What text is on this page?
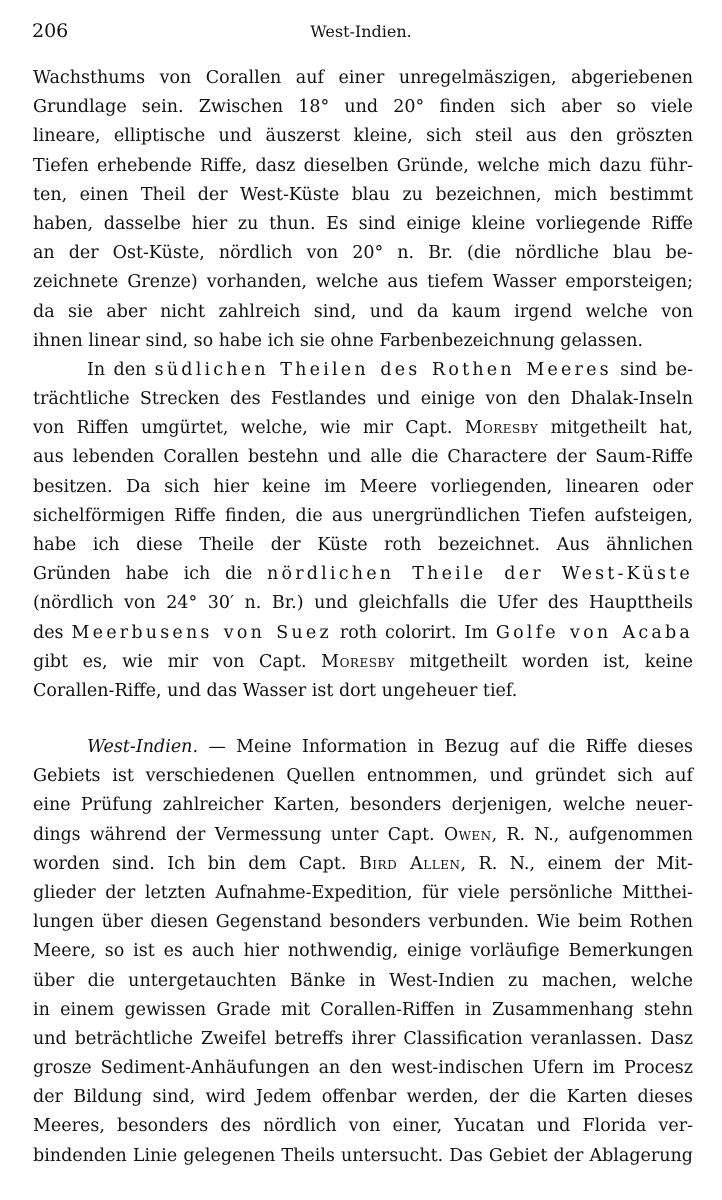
206	West-Indien.
Wachsthums von Corallen auf einer unregelmäszigen, abgeriebenen
Grundlage sein. Zwischen 18° und 20° finden sich aber so viele
lineare, elliptische und äuszerst kleine, sich steil aus den gröszten
Tiefen erhebende Riffe, dasz dieselben Gründe, welche mich dazu führ-
ten, einen Theil der West-Küste blau zu bezeichnen, mich bestimmt
haben, dasselbe hier zu thun. Es sind einige kleine vorliegende Riffe
an der Ost-Küste, nördlich von 20° n. Br. (die nördliche blau be-
zeichnete Grenze) vorhanden, welche aus tiefem Wasser emporsteigen;
da sie aber nicht zahlreich sind, und da kaum irgend welche von
ihnen linear sind, so habe ich sie ohne Farbenbezeichnung gelassen.
In den südlichen Theilen des Rothen Meeres sind be-
trächtliche Strecken des Festlandes und einige von den Dhalak-Inseln
von Riffen umgürtet, welche, wie mir Capt. Moresby mitgetheilt hat,
aus lebenden Corallen bestehn und alle die Charactere der Saum-Riffe
besitzen. Da sich hier keine im Meere vorliegenden, linearen oder
sichelförmigen Riffe finden, die aus unergründlichen Tiefen aufsteigen,
habe ich diese Theile der Küste roth bezeichnet. Aus ähnlichen
Gründen habe ich die nördlichen Theile der West-Küste
(nördlich von 24° 30′ n. Br.) und gleichfalls die Ufer des Haupttheils
des Meerbusens von Suez roth colorirt. Im Golfe von Acaba
gibt es, wie mir von Capt. Moresby mitgetheilt worden ist, keine
Corallen-Riffe, und das Wasser ist dort ungeheuer tief.
West-Indien. — Meine Information in Bezug auf die Riffe dieses
Gebiets ist verschiedenen Quellen entnommen, und gründet sich auf
eine Prüfung zahlreicher Karten, besonders derjenigen, welche neuer-
dings während der Vermessung unter Capt. Owen, R. N., aufgenommen
worden sind. Ich bin dem Capt. Bird Allen, R. N., einem der Mit-
glieder der letzten Aufnahme-Expedition, für viele persönliche Mitthei-
lungen über diesen Gegenstand besonders verbunden. Wie beim Rothen
Meere, so ist es auch hier nothwendig, einige vorläufige Bemerkungen
über die untergetauchten Bänke in West-Indien zu machen, welche
in einem gewissen Grade mit Corallen-Riffen in Zusammenhang stehn
und beträchtliche Zweifel betreffs ihrer Classification veranlassen. Dasz
grosze Sediment-Anhäufungen an den west-indischen Ufern im Procesz
der Bildung sind, wird Jedem offenbar werden, der die Karten dieses
Meeres, besonders des nördlich von einer, Yucatan und Florida ver-
bindenden Linie gelegenen Theils untersucht. Das Gebiet der Ablagerung
